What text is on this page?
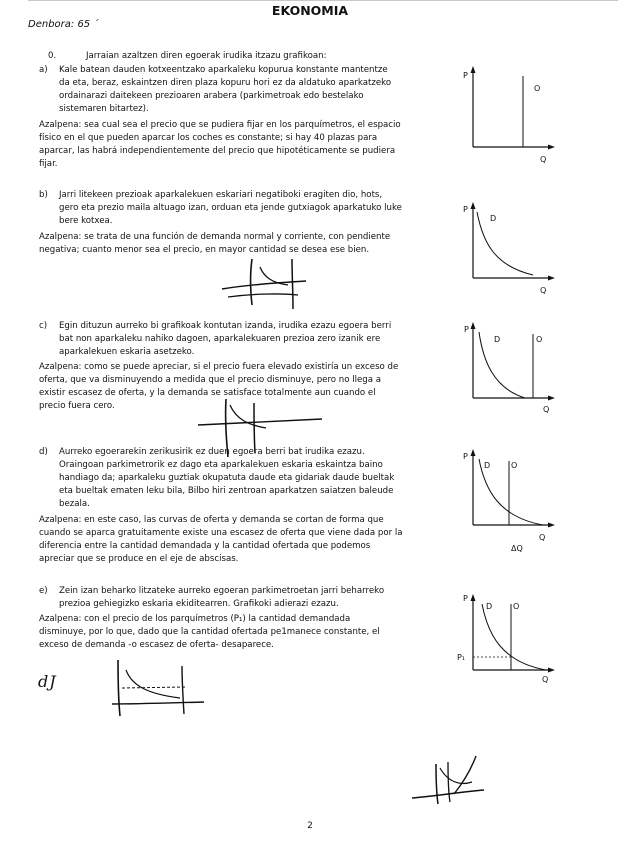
EKONOMIA
Denbora: 65 ´
0.	Jarraian azaltzen diren egoerak irudika itzazu grafikoan:
a) Kale batean dauden kotxeentzako aparkaleku kopurua konstante mantentze
da eta, beraz, eskaintzen diren plaza kopuru hori ez da aldatuko aparkatzeko
ordainarazi daitekeen prezioaren arabera (parkimetroak edo bestelako
sistemaren bitartez).
Azalpena: sea cual sea el precio que se pudiera fijar en los parquímetros, el espacio
físico en el que pueden aparcar los coches es constante; si hay 40 plazas para
aparcar, las habrá independientemente del precio que hipotéticamente se pudiera
fijar.
b) Jarri litekeen prezioak aparkalekuen eskariari negatiboki eragiten dio, hots,
gero eta prezio maila altuago izan, orduan eta jende gutxiagok aparkatuko luke
bere kotxea.
Azalpena: se trata de una función de demanda normal y corriente, con pendiente
negativa; cuanto menor sea el precio, en mayor cantidad se desea ese bien.
c) Egin dituzun aurreko bi grafikoak kontutan izanda, irudika ezazu egoera berri
bat non aparkaleku nahiko dagoen, aparkalekuaren prezioa zero izanik ere
aparkalekuen eskaria asetzeko.
Azalpena: como se puede apreciar, si el precio fuera elevado existiría un exceso de
oferta, que va disminuyendo a medida que el precio disminuye, pero no llega a
existir escasez de oferta, y la demanda se satisface totalmente aun cuando el
precio fuera cero.
d) Aurreko egoerarekin zerikusirik ez duen egoera berri bat irudika ezazu.
Oraingoan parkimetrorik ez dago eta aparkalekuen eskaria eskaintza baino
handiago da; aparkaleku guztiak okupatuta daude eta gidariak daude bueltak
eta bueltak ematen leku bila, Bilbo hiri zentroan aparkatzen saiatzen baleude
bezala.
Azalpena: en este caso, las curvas de oferta y demanda se cortan de forma que
cuando se aparca gratuitamente existe una escasez de oferta que viene dada por la
diferencia entre la cantidad demandada y la cantidad ofertada que podemos
apreciar que se produce en el eje de abscisas.
e) Zein izan beharko litzateke aurreko egoeran parkimetroetan jarri beharreko
prezioa gehiegizko eskaria ekiditearren. Grafikoki adierazi ezazu.
Azalpena: con el precio de los parquímetros (P₁) la cantidad demandada
disminuye, por lo que, dado que la cantidad ofertada pe1manece constante, el
exceso de demanda -o escasez de oferta- desaparece.
P
O
Q
P
D
Q
P
D	O
Q
P
D	O
Q
ΔQ
P
D	O
P₁
Q
dJ
2
